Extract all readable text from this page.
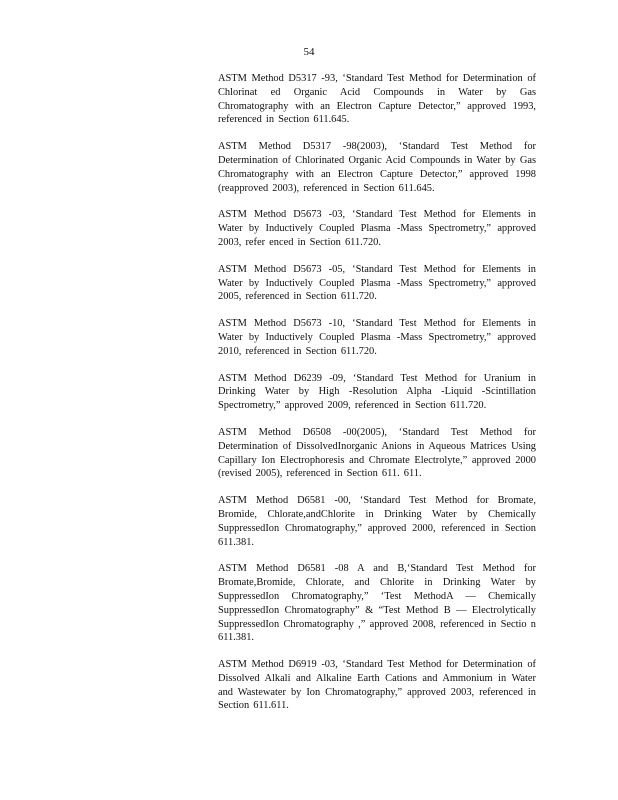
54

ASTM Method D5317 -93, ‘Standard Test Method for Determination of Chlorinat ed Organic Acid Compounds in Water by Gas Chromatography with an Electron Capture Detector,” approved 1993, referenced in Section 611.645.

ASTM Method D5317 -98(2003), ‘Standard Test Method for Determination of Chlorinated Organic Acid Compounds in Water by Gas Chromatography with an Electron Capture Detector,” approved 1998 (reapproved 2003), referenced in Section 611.645.

ASTM Method D5673 -03, ‘Standard Test Method for Elements in Water by Inductively Coupled Plasma -Mass Spectrometry,” approved 2003, refer enced in Section 611.720.

ASTM Method D5673 -05, ‘Standard Test Method for Elements in Water by Inductively Coupled Plasma -Mass Spectrometry,” approved 2005, referenced in Section 611.720.

ASTM Method D5673 -10, ‘Standard Test Method for Elements in Water by Inductively Coupled Plasma -Mass Spectrometry,” approved 2010, referenced in Section 611.720.

ASTM Method D6239 -09, ‘Standard Test Method for Uranium in Drinking Water by High -Resolution Alpha -Liquid -Scintillation Spectrometry,” approved 2009, referenced in Section 611.720.

ASTM Method D6508 -00(2005), ‘Standard Test Method for Determination of DissolvedInorganic Anions in Aqueous Matrices Using Capillary Ion Electrophoresis and Chromate Electrolyte,” approved 2000 (revised 2005), referenced in Section 611. 611.

ASTM Method D6581 -00, ‘Standard Test Method for Bromate, Bromide, Chlorate,andChlorite in Drinking Water by Chemically SuppressedIon Chromatography,” approved 2000, referenced in Section 611.381.

ASTM Method D6581 -08 A and B,‘Standard Test Method for Bromate,Bromide, Chlorate, and Chlorite in Drinking Water by SuppressedIon Chromatography,” ‘Test MethodA — Chemically SuppressedIon Chromatography” & “Test Method B — Electrolytically SuppressedIon Chromatography ,” approved 2008, referenced in Sectio n 611.381.

ASTM Method D6919 -03, ‘Standard Test Method for Determination of Dissolved Alkali and Alkaline Earth Cations and Ammonium in Water and Wastewater by Ion Chromatography,” approved 2003, referenced in Section 611.611.
